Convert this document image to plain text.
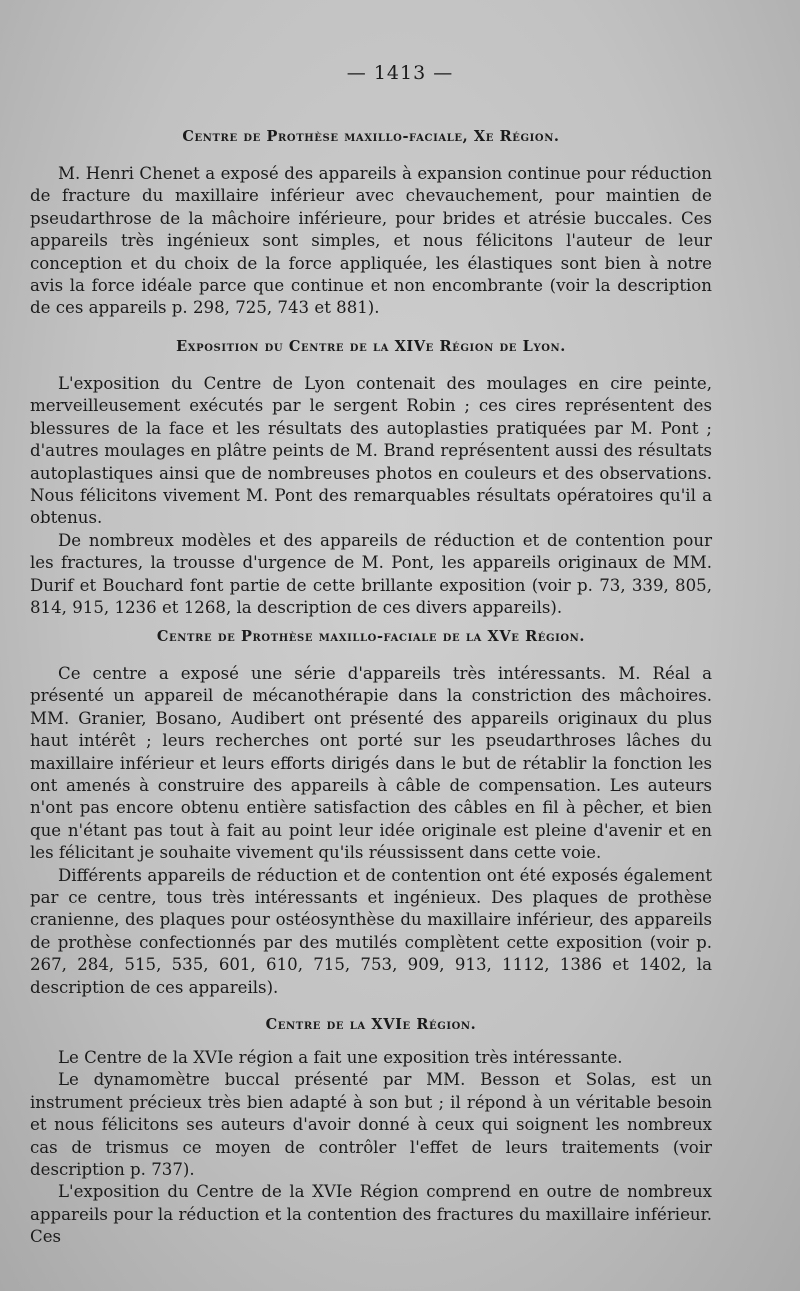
— 1413 —
Centre de Prothèse maxillo-faciale, Xe Région.

M. Henri Chenet a exposé des appareils à expansion continue pour réduction de fracture du maxillaire inférieur avec chevauchement, pour maintien de pseudarthrose de la mâchoire inférieure, pour brides et atrésie buccales. Ces appareils très ingénieux sont simples, et nous félicitons l'auteur de leur conception et du choix de la force appliquée, les élastiques sont bien à notre avis la force idéale parce que continue et non encombrante (voir la description de ces appareils p. 298, 725, 743 et 881).

Exposition du Centre de la XIVe Région de Lyon.

L'exposition du Centre de Lyon contenait des moulages en cire peinte, merveilleusement exécutés par le sergent Robin ; ces cires représentent des blessures de la face et les résultats des autoplasties pratiquées par M. Pont ; d'autres moulages en plâtre peints de M. Brand représentent aussi des résultats autoplastiques ainsi que de nombreuses photos en couleurs et des observations. Nous félicitons vivement M. Pont des remarquables résultats opératoires qu'il a obtenus.

De nombreux modèles et des appareils de réduction et de contention pour les fractures, la trousse d'urgence de M. Pont, les appareils originaux de MM. Durif et Bouchard font partie de cette brillante exposition (voir p. 73, 339, 805, 814, 915, 1236 et 1268, la description de ces divers appareils).

Centre de Prothèse maxillo-faciale de la XVe Région.

Ce centre a exposé une série d'appareils très intéressants. M. Réal a présenté un appareil de mécanothérapie dans la constriction des mâchoires. MM. Granier, Bosano, Audibert ont présenté des appareils originaux du plus haut intérêt ; leurs recherches ont porté sur les pseudarthroses lâches du maxillaire inférieur et leurs efforts dirigés dans le but de rétablir la fonction les ont amenés à construire des appareils à câble de compensation. Les auteurs n'ont pas encore obtenu entière satisfaction des câbles en fil à pêcher, et bien que n'étant pas tout à fait au point leur idée originale est pleine d'avenir et en les félicitant je souhaite vivement qu'ils réussissent dans cette voie.

Différents appareils de réduction et de contention ont été exposés également par ce centre, tous très intéressants et ingénieux. Des plaques de prothèse cranienne, des plaques pour ostéosynthèse du maxillaire inférieur, des appareils de prothèse confectionnés par des mutilés complètent cette exposition (voir p. 267, 284, 515, 535, 601, 610, 715, 753, 909, 913, 1112, 1386 et 1402, la description de ces appareils).

Centre de la XVIe Région.

Le Centre de la XVIe région a fait une exposition très intéressante.

Le dynamomètre buccal présenté par MM. Besson et Solas, est un instrument précieux très bien adapté à son but ; il répond à un véritable besoin et nous félicitons ses auteurs d'avoir donné à ceux qui soignent les nombreux cas de trismus ce moyen de contrôler l'effet de leurs traitements (voir description p. 737).

L'exposition du Centre de la XVIe Région comprend en outre de nombreux appareils pour la réduction et la contention des fractures du maxillaire inférieur. Ces
